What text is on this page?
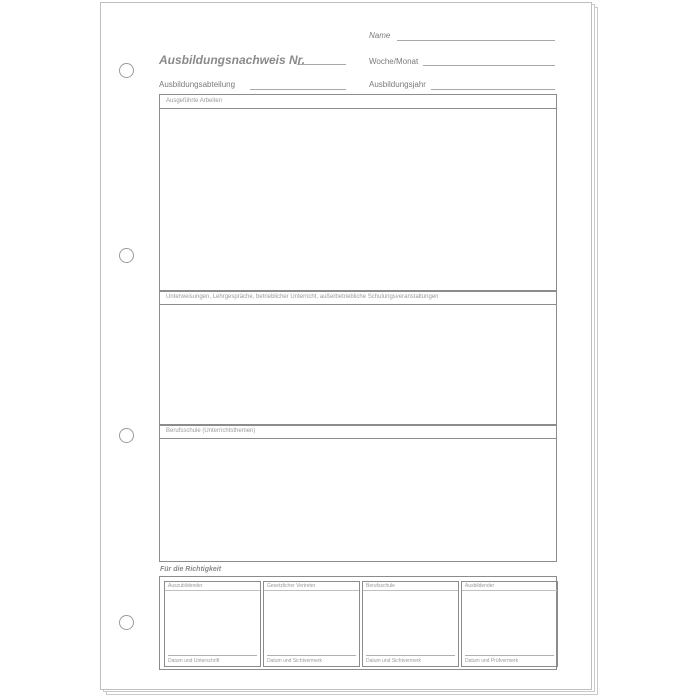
Ausbildungsnachweis Nr.
Ausbildungsabteilung
Name
Woche/Monat
Ausbildungsjahr
Ausgeführte Arbeiten
Unterweisungen, Lehrgespräche, betrieblicher Unterricht, außerbetriebliche Schulungsveranstaltungen
Berufsschule (Unterrichtsthemen)
Für die Richtigkeit
Auszubildender
Datum und Unterschrift
Gesetzlicher Vertreter
Datum und Sichtvermerk
Berufsschule
Datum und Sichtvermerk
Ausbildender
Datum und Prüfvermerk
